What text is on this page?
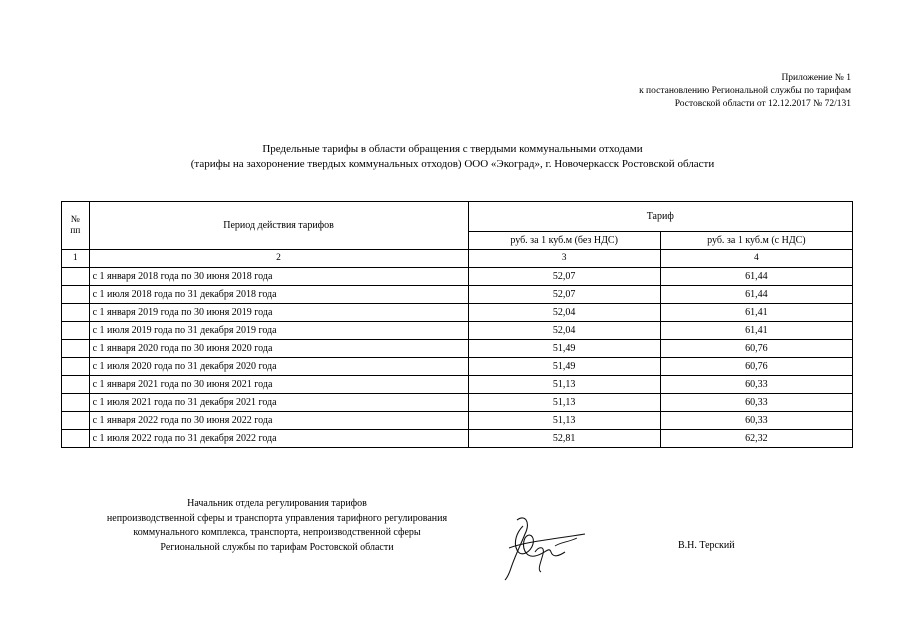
Приложение № 1
к постановлению Региональной службы по тарифам
Ростовской области от 12.12.2017 № 72/131
Предельные тарифы в области обращения с твердыми коммунальными отходами
(тарифы на захоронение твердых коммунальных отходов) ООО «Экоград», г. Новочеркасск Ростовской области
№ пп	Период действия тарифов	Тариф	
		руб. за 1 куб.м (без НДС)	руб. за 1 куб.м (с НДС)
1	2	3	4
	с 1 января 2018 года по 30 июня 2018 года	52,07	61,44
	с 1 июля 2018 года по 31 декабря 2018 года	52,07	61,44
	с 1 января 2019 года по 30 июня 2019 года	52,04	61,41
	с 1 июля 2019 года по 31 декабря 2019 года	52,04	61,41
	с 1 января 2020 года по 30 июня 2020 года	51,49	60,76
	с 1 июля 2020 года по 31 декабря 2020 года	51,49	60,76
	с 1 января 2021 года по 30 июня 2021 года	51,13	60,33
	с 1 июля 2021 года по 31 декабря 2021 года	51,13	60,33
	с 1 января 2022 года по 30 июня 2022 года	51,13	60,33
	с 1 июля 2022 года по 31 декабря 2022 года	52,81	62,32
Начальник отдела регулирования тарифов
непроизводственной сферы и транспорта управления тарифного регулирования
коммунального комплекса, транспорта, непроизводственной сферы
Региональной службы по тарифам Ростовской области	В.Н. Терский
